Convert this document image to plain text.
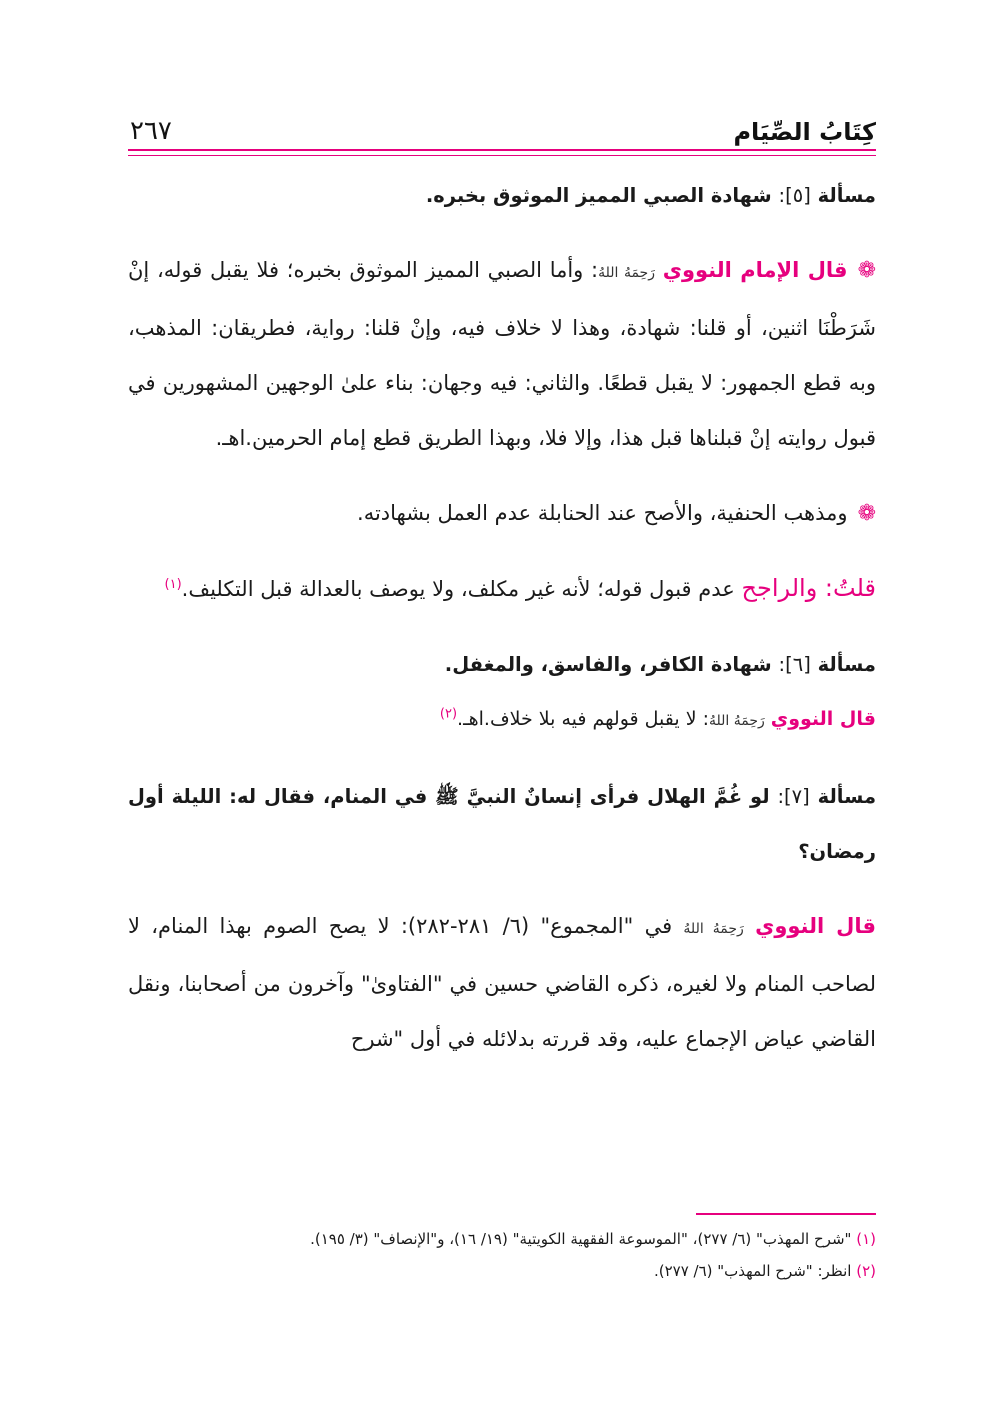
كِتَابُ الصِّيَام
٢٦٧

مسألة [٥]: شهادة الصبي المميز الموثوق بخبره.

❁قال الإمام النووي رَحِمَهُ اللهُ: وأما الصبي المميز الموثوق بخبره؛ فلا يقبل قوله، إنْ شَرَطْنَا اثنين، أو قلنا: شهادة، وهذا لا خلاف فيه، وإنْ قلنا: رواية، فطريقان: المذهب، وبه قطع الجمهور: لا يقبل قطعًا. والثاني: فيه وجهان: بناء علىٰ الوجهين المشهورين في قبول روايته إنْ قبلناها قبل هذا، وإلا فلا، وبهذا الطريق قطع إمام الحرمين.اهـ.

❁ومذهب الحنفية، والأصح عند الحنابلة عدم العمل بشهادته.

قلتُ: والراجح عدم قبول قوله؛ لأنه غير مكلف، ولا يوصف بالعدالة قبل التكليف.$^{(١)}$

مسألة [٦]: شهادة الكافر، والفاسق، والمغفل.

قال النووي رَحِمَهُ اللهُ: لا يقبل قولهم فيه بلا خلاف.اهـ.$^{(٢)}$

مسألة [٧]: لو غُمَّ الهلال فرأى إنسانٌ النبيَّ ﷺ في المنام، فقال له: الليلة أول رمضان؟

قال النووي رَحِمَهُ اللهُ في "المجموع" (٦/ ٢٨١-٢٨٢): لا يصح الصوم بهذا المنام، لا لصاحب المنام ولا لغيره، ذكره القاضي حسين في "الفتاوىٰ" وآخرون من أصحابنا، ونقل القاضي عياض الإجماع عليه، وقد قررته بدلائله في أول "شرح

(١) "شرح المهذب" (٦/ ٢٧٧)، "الموسوعة الفقهية الكويتية" (١٩/ ١٦)، و"الإنصاف" (٣/ ١٩٥).
(٢) انظر: "شرح المهذب" (٦/ ٢٧٧).
